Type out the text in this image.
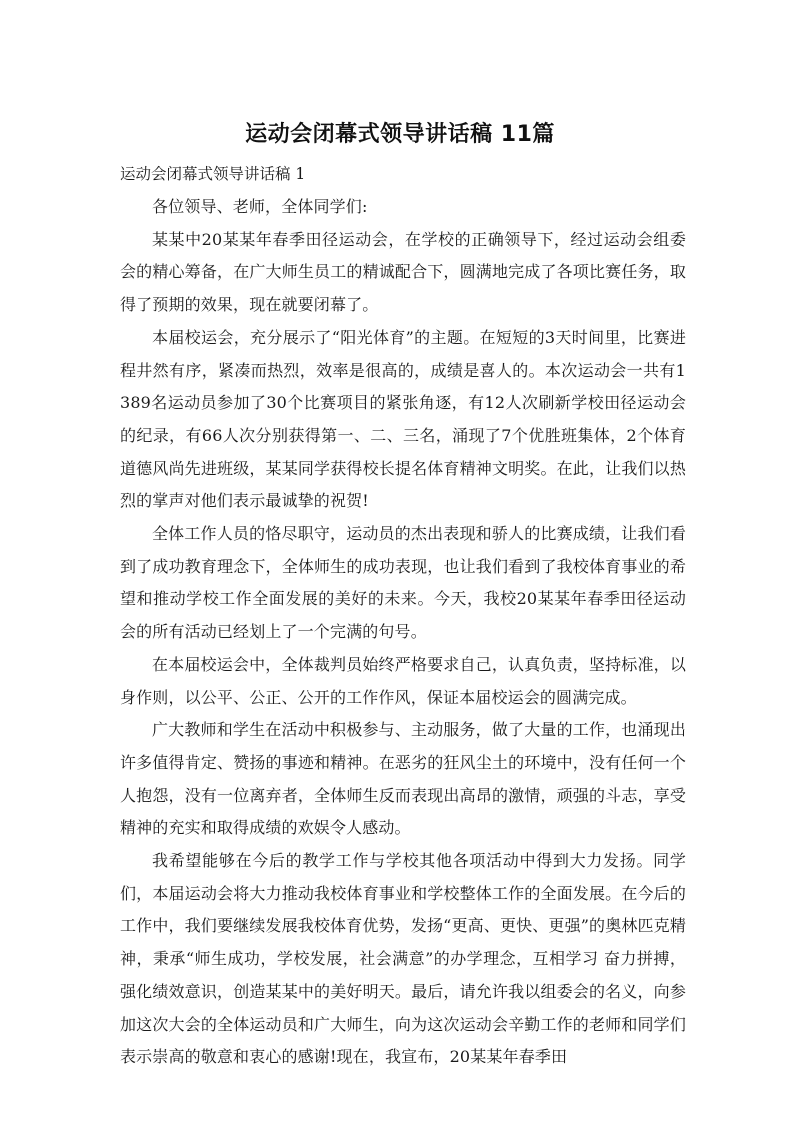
运动会闭幕式领导讲话稿 11篇
运动会闭幕式领导讲话稿 1

各位领导、老师，全体同学们:

某某中20某某年春季田径运动会，在学校的正确领导下，经过运动会组委会的精心筹备，在广大师生员工的精诚配合下，圆满地完成了各项比赛任务，取得了预期的效果，现在就要闭幕了。

本届校运会，充分展示了“阳光体育”的主题。在短短的3天时间里，比赛进程井然有序，紧凑而热烈，效率是很高的，成绩是喜人的。本次运动会一共有1389名运动员参加了30个比赛项目的紧张角逐，有12人次刷新学校田径运动会的纪录，有66人次分别获得第一、二、三名，涌现了7个优胜班集体，2个体育道德风尚先进班级，某某同学获得校长提名体育精神文明奖。在此，让我们以热烈的掌声对他们表示最诚挚的祝贺!

全体工作人员的恪尽职守，运动员的杰出表现和骄人的比赛成绩，让我们看到了成功教育理念下，全体师生的成功表现，也让我们看到了我校体育事业的希望和推动学校工作全面发展的美好的未来。今天，我校20某某年春季田径运动会的所有活动已经划上了一个完满的句号。

在本届校运会中，全体裁判员始终严格要求自己，认真负责，坚持标准，以身作则，以公平、公正、公开的工作作风，保证本届校运会的圆满完成。

广大教师和学生在活动中积极参与、主动服务，做了大量的工作，也涌现出许多值得肯定、赞扬的事迹和精神。在恶劣的狂风尘土的环境中，没有任何一个人抱怨，没有一位离弃者，全体师生反而表现出高昂的激情，顽强的斗志，享受精神的充实和取得成绩的欢娱令人感动。

我希望能够在今后的教学工作与学校其他各项活动中得到大力发扬。同学们，本届运动会将大力推动我校体育事业和学校整体工作的全面发展。在今后的工作中，我们要继续发展我校体育优势，发扬“更高、更快、更强”的奥林匹克精神，秉承“师生成功，学校发展，社会满意”的办学理念，互相学习 奋力拼搏，强化绩效意识，创造某某中的美好明天。最后，请允许我以组委会的名义，向参加这次大会的全体运动员和广大师生，向为这次运动会辛勤工作的老师和同学们表示崇高的敬意和衷心的感谢!现在，我宣布，20某某年春季田
